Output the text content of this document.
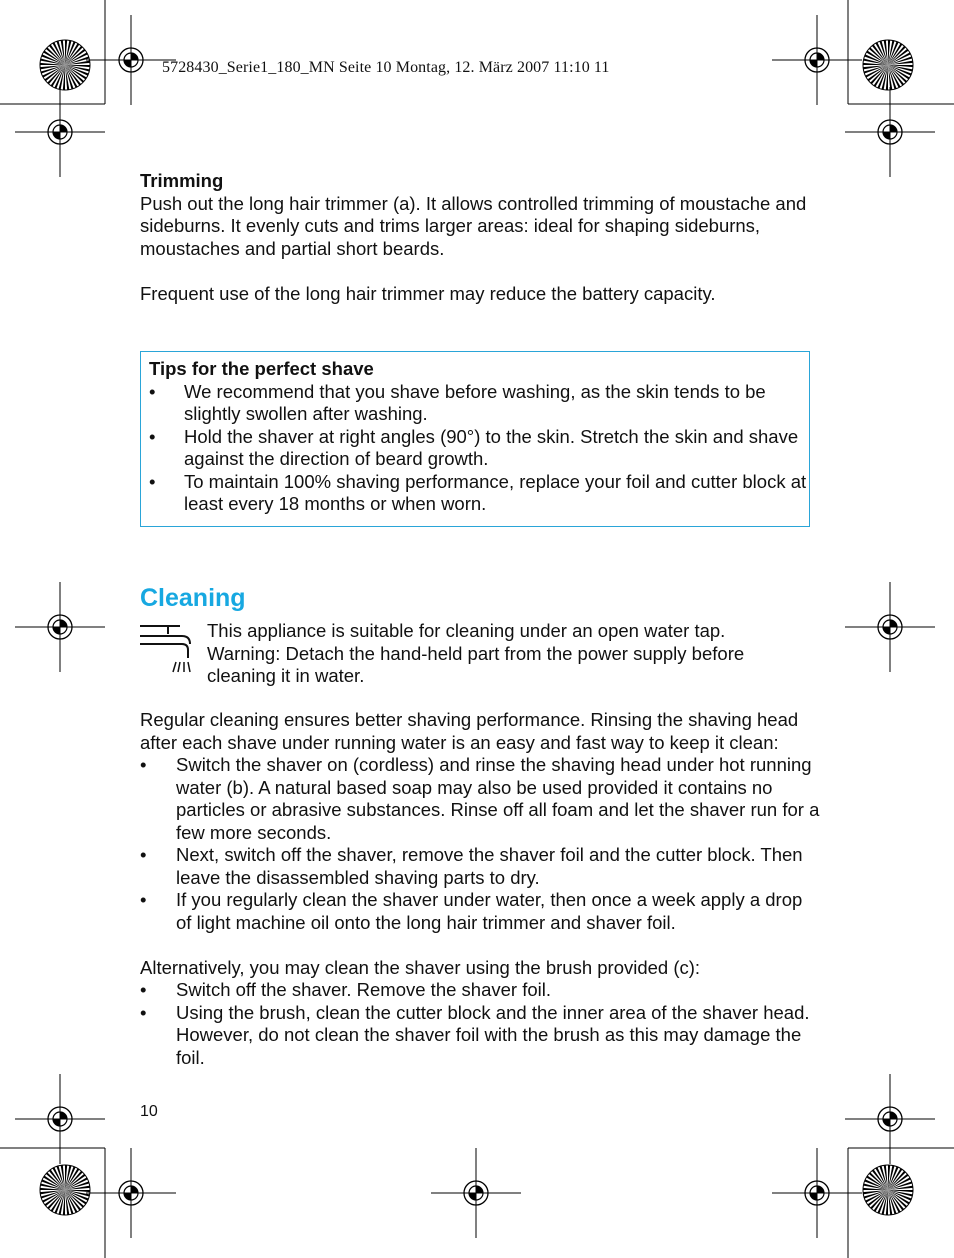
5728430_Serie1_180_MN Seite 10 Montag, 12. März 2007 11:10 11
Trimming

Push out the long hair trimmer (a). It allows controlled trimming of moustache and sideburns. It evenly cuts and trims larger areas: ideal for shaping sideburns, moustaches and partial short beards.

Frequent use of the long hair trimmer may reduce the battery capacity.

Tips for the perfect shave
• We recommend that you shave before washing, as the skin tends to be slightly swollen after washing.
• Hold the shaver at right angles (90°) to the skin. Stretch the skin and shave against the direction of beard growth.
• To maintain 100% shaving performance, replace your foil and cutter block at least every 18 months or when worn.
Cleaning

This appliance is suitable for cleaning under an open water tap.

Warning: Detach the hand-held part from the power supply before cleaning it in water.

Regular cleaning ensures better shaving performance. Rinsing the shaving head after each shave under running water is an easy and fast way to keep it clean:

• Switch the shaver on (cordless) and rinse the shaving head under hot running water (b). A natural based soap may also be used provided it contains no particles or abrasive substances. Rinse off all foam and let the shaver run for a few more seconds.
• Next, switch off the shaver, remove the shaver foil and the cutter block. Then leave the disassembled shaving parts to dry.
• If you regularly clean the shaver under water, then once a week apply a drop of light machine oil onto the long hair trimmer and shaver foil.

Alternatively, you may clean the shaver using the brush provided (c):

• Switch off the shaver. Remove the shaver foil.
• Using the brush, clean the cutter block and the inner area of the shaver head. However, do not clean the shaver foil with the brush as this may damage the foil.
10
